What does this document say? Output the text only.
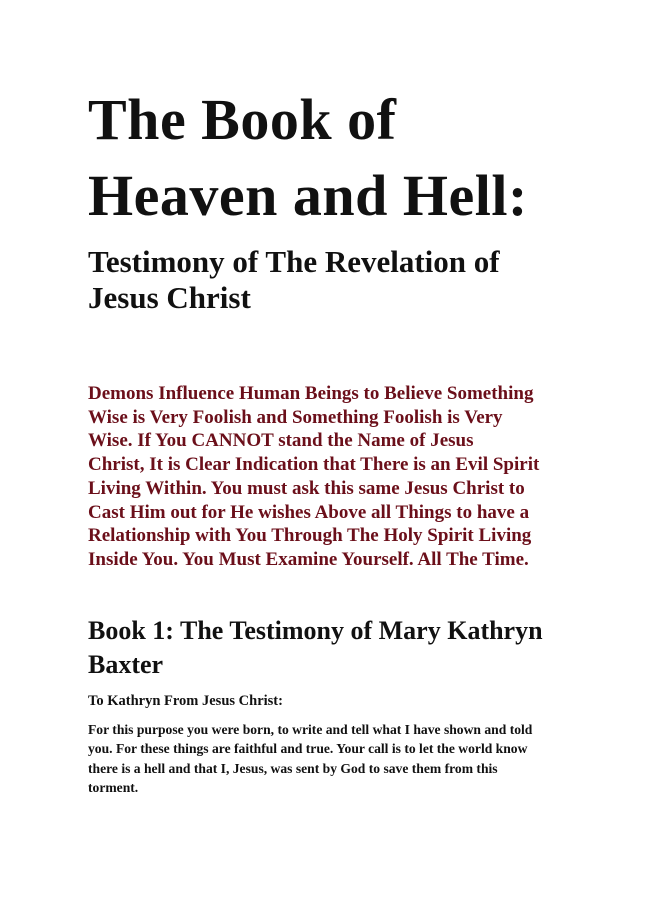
The Book of
Heaven and Hell:
Testimony of The Revelation of
Jesus Christ

Demons Influence Human Beings to Believe Something
Wise is Very Foolish and Something Foolish is Very
Wise. If You CANNOT stand the Name of Jesus
Christ, It is Clear Indication that There is an Evil Spirit
Living Within. You must ask this same Jesus Christ to
Cast Him out for He wishes Above all Things to have a
Relationship with You Through The Holy Spirit Living
Inside You. You Must Examine Yourself. All The Time.

Book 1: The Testimony of Mary Kathryn
Baxter

To Kathryn From Jesus Christ:

For this purpose you were born, to write and tell what I have shown and told
you. For these things are faithful and true. Your call is to let the world know
there is a hell and that I, Jesus, was sent by God to save them from this
torment.
